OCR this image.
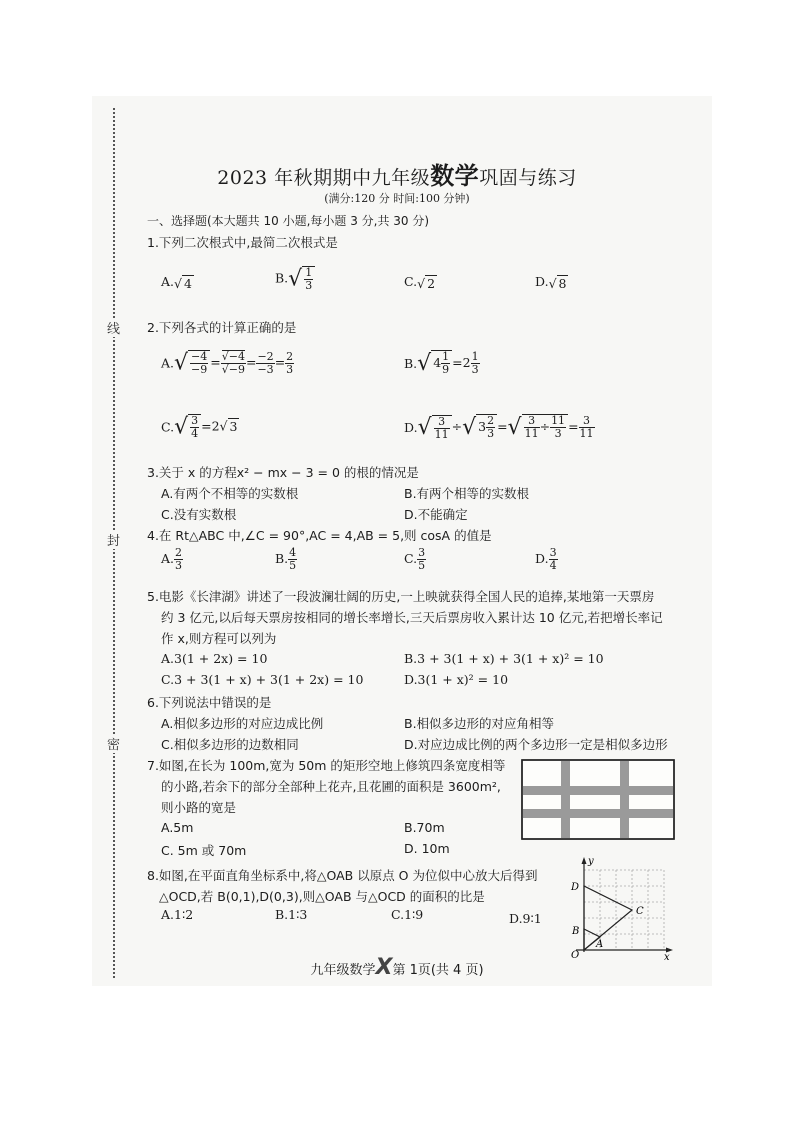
线
封
密
2023 年秋期期中九年级数学巩固与练习
(满分:120 分 时间:100 分钟)
一、选择题(本大题共 10 小题,每小题 3 分,共 30 分)
1.下列二次根式中,最简二次根式是
A.√ 4	$B.√ \frac{1}{3}$	C.√ 2	D.√ 8
2.下列各式的计算正确的是
$A.√ \frac{-4}{-9} = \frac{√-4}{√-9} = \frac{-2}{-3} = \frac{2}{3}$	B.√ $4 \frac{1}{9} =2 \frac{1}{3}$
$C.√ \frac{3}{4} =2√$ 3	$D.√ \frac{3}{11}$ ÷√ $3 \frac{2}{3}$ =√ $\frac{3}{11} \div \frac{11}{3} = \frac{3}{11}$
3.关于 x 的方程x² − mx − 3 = 0 的根的情况是
A.有两个不相等的实数根	B.有两个相等的实数根
C.没有实数根	D.不能确定
4.在 Rt△ABC 中,∠C = 90°,AC = 4,AB = 5,则 cosA 的值是
A. $\frac{2}{3}$	B. $\frac{4}{5}$	C. $\frac{3}{5}$	D. $\frac{3}{4}$
5.电影《长津湖》讲述了一段波澜壮阔的历史,一上映就获得全国人民的追捧,某地第一天票房
约 3 亿元,以后每天票房按相同的增长率增长,三天后票房收入累计达 10 亿元,若把增长率记
作 x,则方程可以列为
A.3(1 + 2x) = 10	B.3 + 3(1 + x) + 3(1 + x)² = 10
C.3 + 3(1 + x) + 3(1 + 2x) = 10	D.3(1 + x)² = 10
6.下列说法中错误的是
A.相似多边形的对应边成比例	B.相似多边形的对应角相等
C.相似多边形的边数相同	D.对应边成比例的两个多边形一定是相似多边形
7.如图,在长为 100m,宽为 50m 的矩形空地上修筑四条宽度相等
的小路,若余下的部分全部种上花卉,且花圃的面积是 3600m²,
则小路的宽是
A.5m	B.70m
C. 5m 或 70m	D. 10m
8.如图,在平面直角坐标系中,将△OAB 以原点 O 为位似中心放大后得到
△OCD,若 B(0,1),D(0,3),则△OAB 与△OCD 的面积的比是
A.1∶2	B.1∶3	C.1∶9	D.9∶1
y
x
O
A
B
C
D
九年级数学X第 1页(共 4 页)
